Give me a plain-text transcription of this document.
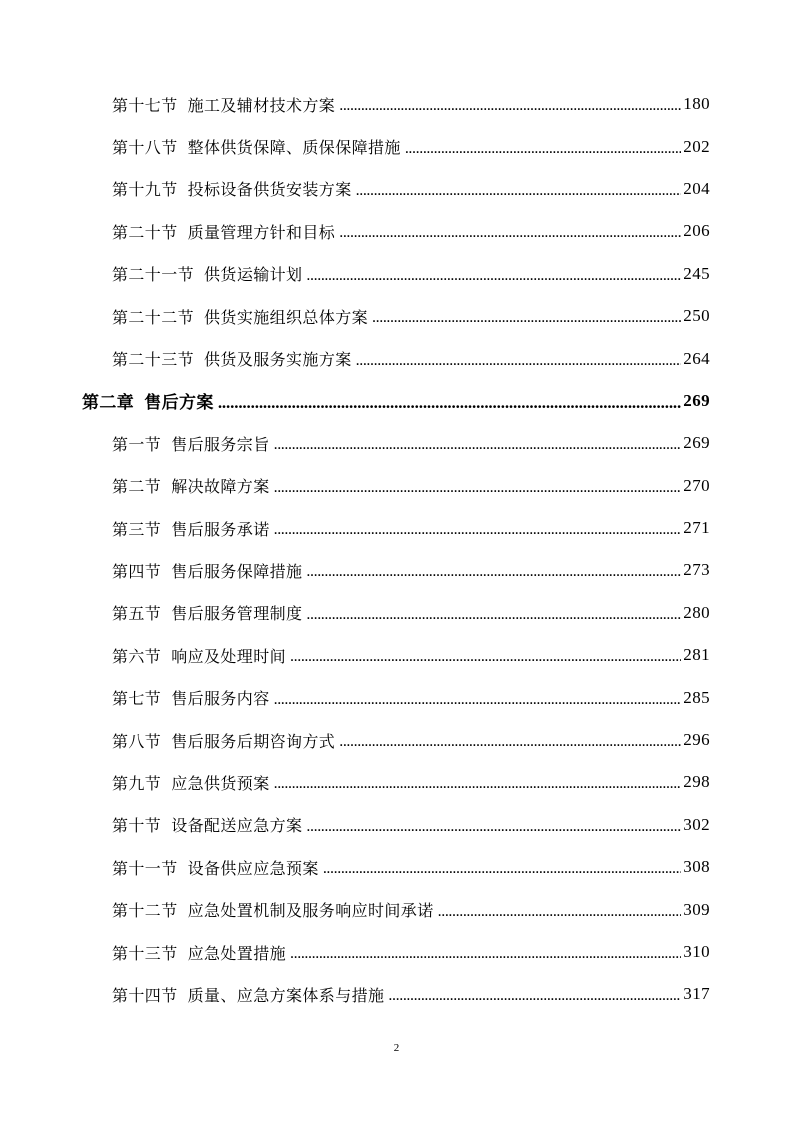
第十七节 施工及辅材技术方案 . . .	180
第十八节 整体供货保障、质保保障措施 . . .	202
第十九节 投标设备供货安装方案 . . .	204
第二十节 质量管理方针和目标 . . .	206
第二十一节 供货运输计划 . . .	245
第二十二节 供货实施组织总体方案 . . .	250
第二十三节 供货及服务实施方案 . . .	264
第二章 售后方案 . . .	269
第一节 售后服务宗旨 . . .	269
第二节 解决故障方案 . . .	270
第三节 售后服务承诺 . . .	271
第四节 售后服务保障措施 . . .	273
第五节 售后服务管理制度 . . .	280
第六节 响应及处理时间 . . .	281
第七节 售后服务内容 . . .	285
第八节 售后服务后期咨询方式 . . .	296
第九节 应急供货预案 . . .	298
第十节 设备配送应急方案 . . .	302
第十一节 设备供应应急预案 . . .	308
第十二节 应急处置机制及服务响应时间承诺 . . .	309
第十三节 应急处置措施 . . .	310
第十四节 质量、应急方案体系与措施 . . .	317
2
